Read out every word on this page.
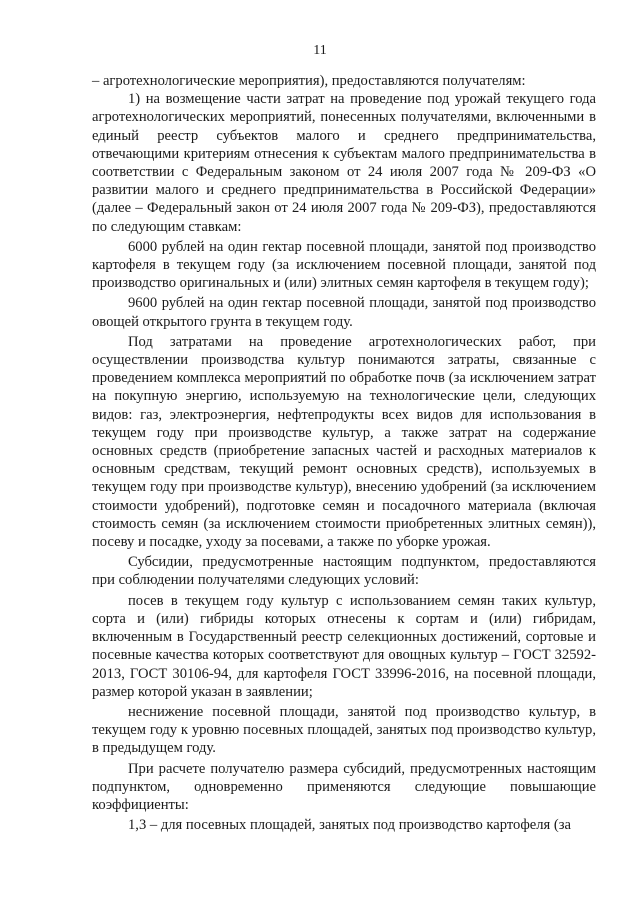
11

– агротехнологические мероприятия), предоставляются получателям:

1) на возмещение части затрат на проведение под урожай текущего года агротехнологических мероприятий, понесенных получателями, включенными в единый реестр субъектов малого и среднего предпринимательства, отвечающими критериям отнесения к субъектам малого предпринимательства в соответствии с Федеральным законом от 24 июля 2007 года № 209-ФЗ «О развитии малого и среднего предпринимательства в Российской Федерации» (далее – Федеральный закон от 24 июля 2007 года № 209-ФЗ), предоставляются по следующим ставкам:

6000 рублей на один гектар посевной площади, занятой под производство картофеля в текущем году (за исключением посевной площади, занятой под производство оригинальных и (или) элитных семян картофеля в текущем году);

9600 рублей на один гектар посевной площади, занятой под производство овощей открытого грунта в текущем году.

Под затратами на проведение агротехнологических работ, при осуществлении производства культур понимаются затраты, связанные с проведением комплекса мероприятий по обработке почв (за исключением затрат на покупную энергию, используемую на технологические цели, следующих видов: газ, электроэнергия, нефтепродукты всех видов для использования в текущем году при производстве культур, а также затрат на содержание основных средств (приобретение запасных частей и расходных материалов к основным средствам, текущий ремонт основных средств), используемых в текущем году при производстве культур), внесению удобрений (за исключением стоимости удобрений), подготовке семян и посадочного материала (включая стоимость семян (за исключением стоимости приобретенных элитных семян)), посеву и посадке, уходу за посевами, а также по уборке урожая.

Субсидии, предусмотренные настоящим подпунктом, предоставляются при соблюдении получателями следующих условий:

посев в текущем году культур с использованием семян таких культур, сорта и (или) гибриды которых отнесены к сортам и (или) гибридам, включенным в Государственный реестр селекционных достижений, сортовые и посевные качества которых соответствуют для овощных культур – ГОСТ 32592-2013, ГОСТ 30106-94, для картофеля ГОСТ 33996-2016, на посевной площади, размер которой указан в заявлении;

неснижение посевной площади, занятой под производство культур, в текущем году к уровню посевных площадей, занятых под производство культур, в предыдущем году.

При расчете получателю размера субсидий, предусмотренных настоящим подпунктом, одновременно применяются следующие повышающие коэффициенты:

1,3 – для посевных площадей, занятых под производство картофеля (за
